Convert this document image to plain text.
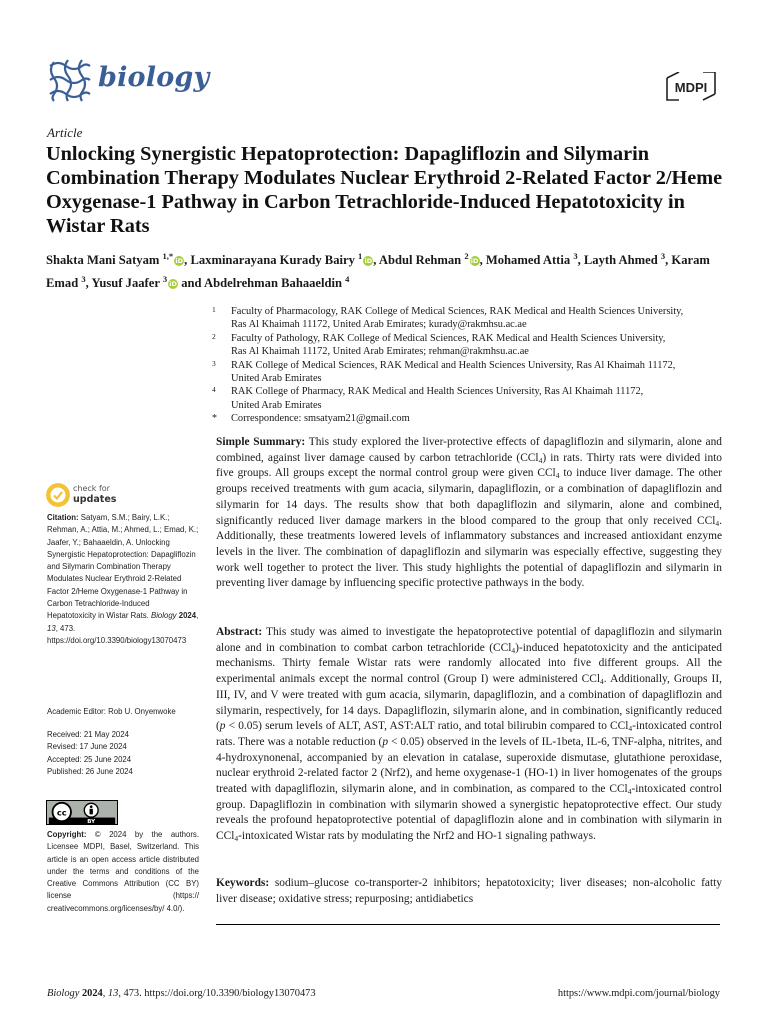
biology	MDPI
Article
Unlocking Synergistic Hepatoprotection: Dapagliflozin and Silymarin Combination Therapy Modulates Nuclear Erythroid 2-Related Factor 2/Heme Oxygenase-1 Pathway in Carbon Tetrachloride-Induced Hepatotoxicity in Wistar Rats
Shakta Mani Satyam $^{1,*}$iD, Laxminarayana Kurady Bairy $^1$iD, Abdul Rehman $^2$iD, Mohamed Attia $^3$, Layth Ahmed $^3$, Karam Emad $^3$, Yusuf Jaafer $^3$iD and Abdelrehman Bahaaeldin $^4$
1 Faculty of Pharmacology, RAK College of Medical Sciences, RAK Medical and Health Sciences University,
Ras Al Khaimah 11172, United Arab Emirates; kurady@rakmhsu.ac.ae
2 Faculty of Pathology, RAK College of Medical Sciences, RAK Medical and Health Sciences University,
Ras Al Khaimah 11172, United Arab Emirates; rehman@rakmhsu.ac.ae
3 RAK College of Medical Sciences, RAK Medical and Health Sciences University, Ras Al Khaimah 11172,
United Arab Emirates
4 RAK College of Pharmacy, RAK Medical and Health Sciences University, Ras Al Khaimah 11172,
United Arab Emirates
* Correspondence: smsatyam21@gmail.com
check for
updates
Citation: Satyam, S.M.; Bairy, L.K.; Rehman, A.; Attia, M.; Ahmed, L.; Emad, K.; Jaafer, Y.; Bahaaeldin, A. Unlocking Synergistic Hepatoprotection: Dapagliflozin and Silymarin Combination Therapy Modulates Nuclear Erythroid 2-Related Factor 2/Heme Oxygenase-1 Pathway in Carbon Tetrachloride-Induced Hepatotoxicity in Wistar Rats. Biology 2024, 13, 473. https://doi.org/10.3390/biology13070473
Academic Editor: Rob U. Onyenwoke
Received: 21 May 2024
Revised: 17 June 2024
Accepted: 25 June 2024
Published: 26 June 2024
cc
BY
Copyright: © 2024 by the authors. Licensee MDPI, Basel, Switzerland. This article is an open access article distributed under the terms and conditions of the Creative Commons Attribution (CC BY) license (https:// creativecommons.org/licenses/by/ 4.0/).
Simple Summary: This study explored the liver-protective effects of dapagliflozin and silymarin, alone and combined, against liver damage caused by carbon tetrachloride (CCl$_4$) in rats. Thirty rats were divided into five groups. All groups except the normal control group were given CCl$_4$ to induce liver damage. The other groups received treatments with gum acacia, silymarin, dapagliflozin, or a combination of dapagliflozin and silymarin for 14 days. The results show that both dapagliflozin and silymarin, alone and combined, significantly reduced liver damage markers in the blood compared to the group that only received CCl$_4$. Additionally, these treatments lowered levels of inflammatory substances and increased antioxidant enzyme levels in the liver. The combination of dapagliflozin and silymarin was especially effective, suggesting they work well together to protect the liver. This study highlights the potential of dapagliflozin and silymarin in preventing liver damage by influencing specific protective pathways in the body.
Abstract: This study was aimed to investigate the hepatoprotective potential of dapagliflozin and silymarin alone and in combination to combat carbon tetrachloride (CCl$_4$)-induced hepatotoxicity and the anticipated mechanisms. Thirty female Wistar rats were randomly allocated into five different groups. All the experimental animals except the normal control (Group I) were administered CCl$_4$. Additionally, Groups II, III, IV, and V were treated with gum acacia, silymarin, dapagliflozin, and a combination of dapagliflozin and silymarin, respectively, for 14 days. Dapagliflozin, silymarin alone, and in combination, significantly reduced (p < 0.05) serum levels of ALT, AST, AST:ALT ratio, and total bilirubin compared to CCl$_4$-intoxicated control rats. There was a notable reduction (p < 0.05) observed in the levels of IL-1beta, IL-6, TNF-alpha, nitrites, and 4-hydroxynonenal, accompanied by an elevation in catalase, superoxide dismutase, glutathione peroxidase, nuclear erythroid 2-related factor 2 (Nrf2), and heme oxygenase-1 (HO-1) in liver homogenates of the groups treated with dapagliflozin, silymarin alone, and in combination, as compared to the CCl$_4$-intoxicated control group. Dapagliflozin in combination with silymarin showed a synergistic hepatoprotective effect. Our study reveals the profound hepatoprotective potential of dapagliflozin alone and in combination with silymarin in CCl$_4$-intoxicated Wistar rats by modulating the Nrf2 and HO-1 signaling pathways.
Keywords: sodium–glucose co-transporter-2 inhibitors; hepatotoxicity; liver diseases; non-alcoholic fatty liver disease; oxidative stress; repurposing; antidiabetics
Biology 2024, 13, 473. https://doi.org/10.3390/biology13070473	https://www.mdpi.com/journal/biology
